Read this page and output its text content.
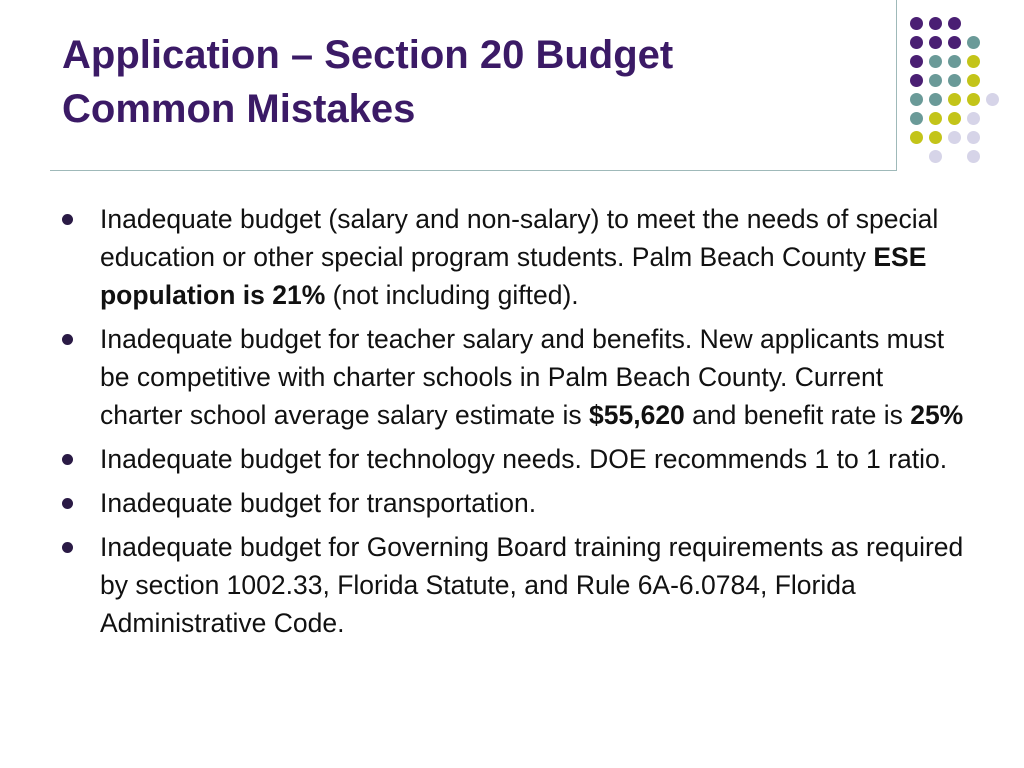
Application – Section 20 Budget
Common Mistakes
Inadequate budget (salary and non-salary) to meet the needs of special education or other special program students. Palm Beach County ESE population is 21% (not including gifted).
Inadequate budget for teacher salary and benefits. New applicants must be competitive with charter schools in Palm Beach County. Current charter school average salary estimate is $55,620 and benefit rate is 25%
Inadequate budget for technology needs. DOE recommends 1 to 1 ratio.
Inadequate budget for transportation.
Inadequate budget for Governing Board training requirements as required by section 1002.33, Florida Statute, and Rule 6A-6.0784, Florida Administrative Code.
